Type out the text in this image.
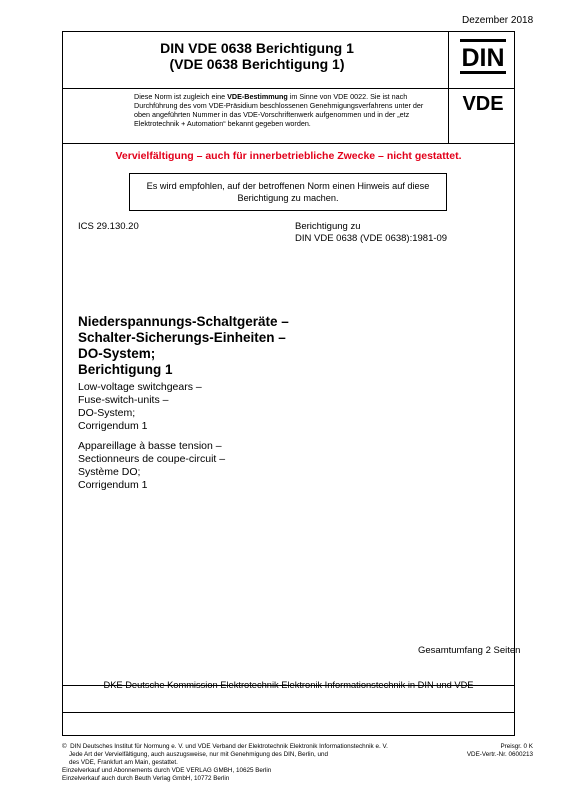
Dezember 2018
DIN VDE 0638 Berichtigung 1
(VDE 0638 Berichtigung 1)	DIN
Diese Norm ist zugleich eine VDE-Bestimmung im Sinne von VDE 0022. Sie ist nach Durchführung des vom VDE-Präsidium beschlossenen Genehmigungsverfahrens unter der oben angeführten Nummer in das VDE-Vorschriftenwerk aufgenommen und in der „etz Elektrotechnik + Automation“ bekannt gegeben worden.
VDE
Vervielfältigung – auch für innerbetriebliche Zwecke – nicht gestattet.
Es wird empfohlen, auf der betroffenen Norm einen Hinweis auf diese Berichtigung zu machen.
ICS 29.130.20	Berichtigung zu
DIN VDE 0638 (VDE 0638):1981-09
Niederspannungs-Schaltgeräte –
Schalter-Sicherungs-Einheiten –
DO-System;
Berichtigung 1
Low-voltage switchgears –
Fuse-switch-units –
DO-System;
Corrigendum 1
Appareillage à basse tension –
Sectionneurs de coupe-circuit –
Système DO;
Corrigendum 1
Gesamtumfang 2 Seiten
DKE Deutsche Kommission Elektrotechnik Elektronik Informationstechnik in DIN und VDE
©  DIN Deutsches Institut für Normung e. V. und VDE Verband der Elektrotechnik Elektronik Informationstechnik e. V.
Jede Art der Vervielfältigung, auch auszugsweise, nur mit Genehmigung des DIN, Berlin, und
des VDE, Frankfurt am Main, gestattet.
Einzelverkauf und Abonnements durch VDE VERLAG GMBH, 10625 Berlin
Einzelverkauf auch durch Beuth Verlag GmbH, 10772 Berlin
Preisgr. 0 K
VDE-Vertr.-Nr. 0600213
